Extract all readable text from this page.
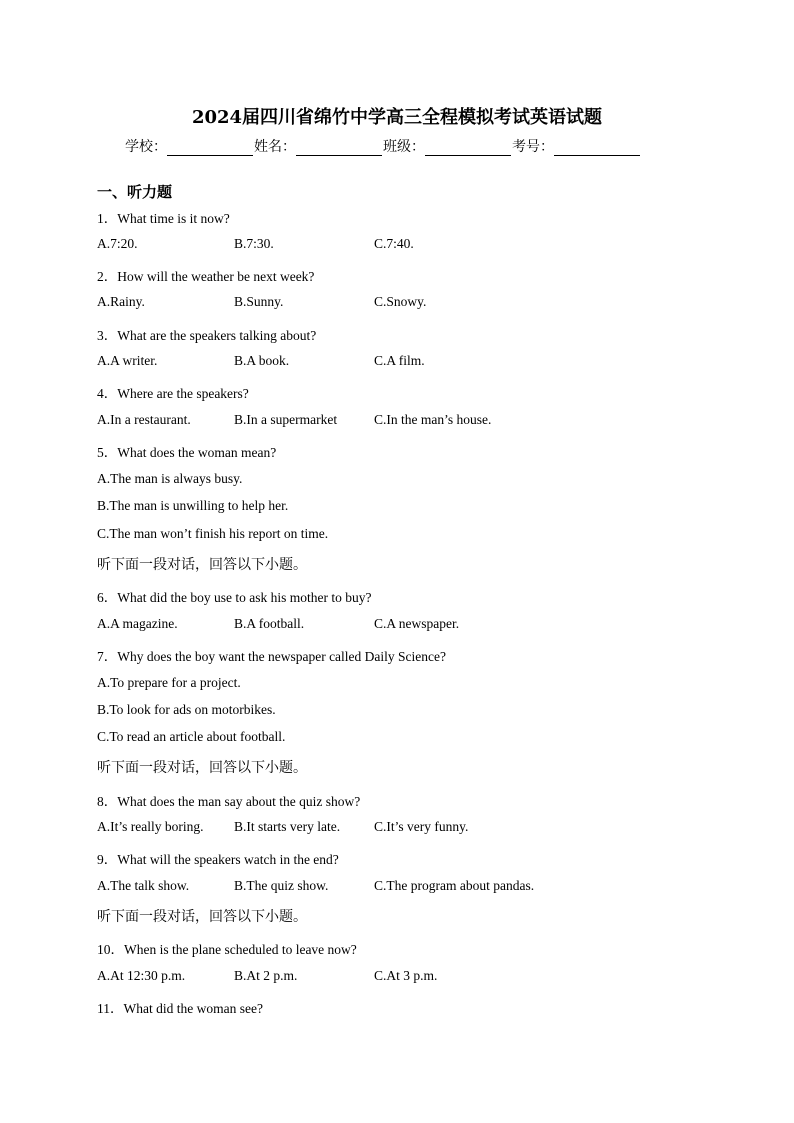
2024届四川省绵竹中学高三全程模拟考试英语试题
学校：	姓名：	班级：	考号：
一、听力题
1．What time is it now?
A.7:20.	B.7:30.	C.7:40.
2．How will the weather be next week?
A.Rainy.	B.Sunny.	C.Snowy.
3．What are the speakers talking about?
A.A writer.	B.A book.	C.A film.
4．Where are the speakers?
A.In a restaurant.	B.In a supermarket	C.In the man’s house.
5．What does the woman mean?
A.The man is always busy.
B.The man is unwilling to help her.
C.The man won’t finish his report on time.
听下面一段对话，回答以下小题。
6．What did the boy use to ask his mother to buy?
A.A magazine.	B.A football.	C.A newspaper.
7．Why does the boy want the newspaper called Daily Science?
A.To prepare for a project.
B.To look for ads on motorbikes.
C.To read an article about football.
听下面一段对话，回答以下小题。
8．What does the man say about the quiz show?
A.It’s really boring. B.It starts very late.	C.It’s very funny.
9．What will the speakers watch in the end?
A.The talk show.	B.The quiz show.	C.The program about pandas.
听下面一段对话，回答以下小题。
10．When is the plane scheduled to leave now?
A.At 12:30 p.m.	B.At 2 p.m.	C.At 3 p.m.
11．What did the woman see?
